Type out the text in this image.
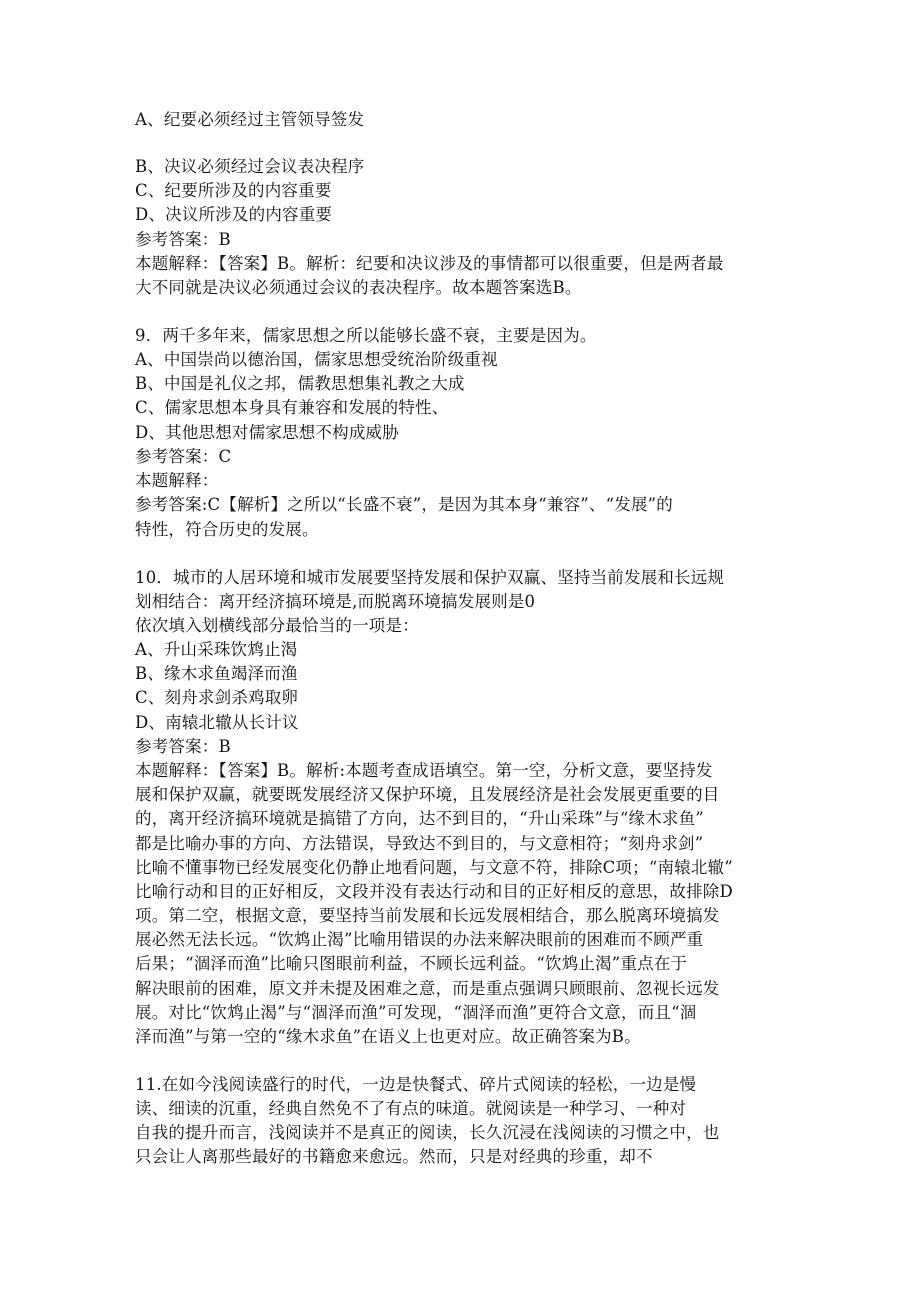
A、纪要必须经过主管领导签发
B、决议必须经过会议表决程序
C、纪要所涉及的内容重要
D、决议所涉及的内容重要
参考答案：B
本题解释：【答案】B。解析：纪要和决议涉及的事情都可以很重要，但是两者最
大不同就是决议必须通过会议的表决程序。故本题答案选B。
9．两千多年来，儒家思想之所以能够长盛不衰，主要是因为。
A、中国崇尚以德治国，儒家思想受统治阶级重视
B、中国是礼仪之邦，儒教思想集礼教之大成
C、儒家思想本身具有兼容和发展的特性、
D、其他思想对儒家思想不构成威胁
参考答案：C
本题解释：
参考答案:C【解析】之所以“长盛不衰”，是因为其本身“兼容”、“发展”的
特性，符合历史的发展。
10．城市的人居环境和城市发展要坚持发展和保护双赢、坚持当前发展和长远规
划相结合：离开经济搞环境是,而脱离环境搞发展则是0
依次填入划横线部分最恰当的一项是：
A、升山采珠饮鸩止渴
B、缘木求鱼竭泽而渔
C、刻舟求剑杀鸡取卵
D、南辕北辙从长计议
参考答案：B
本题解释：【答案】B。解析:本题考查成语填空。第一空，分析文意，要坚持发
展和保护双赢，就要既发展经济又保护环境，且发展经济是社会发展更重要的目
的，离开经济搞环境就是搞错了方向，达不到目的，“升山采珠”与“缘木求鱼”
都是比喻办事的方向、方法错误，导致达不到目的，与文意相符；“刻舟求剑”
比喻不懂事物已经发展变化仍静止地看问题，与文意不符，排除C项；“南辕北辙”
比喻行动和目的正好相反，文段并没有表达行动和目的正好相反的意思，故排除D
项。第二空，根据文意，要坚持当前发展和长远发展相结合，那么脱离环境搞发
展必然无法长远。“饮鸩止渴”比喻用错误的办法来解决眼前的困难而不顾严重
后果；“涸泽而渔”比喻只图眼前利益，不顾长远利益。“饮鸩止渴”重点在于
解决眼前的困难，原文并未提及困难之意，而是重点强调只顾眼前、忽视长远发
展。对比“饮鸩止渴”与“涸泽而渔”可发现，“涸泽而渔”更符合文意，而且“涸
泽而渔”与第一空的“缘木求鱼”在语义上也更对应。故正确答案为B。
11.在如今浅阅读盛行的时代，一边是快餐式、碎片式阅读的轻松，一边是慢
读、细读的沉重，经典自然免不了有点的味道。就阅读是一种学习、一种对
自我的提升而言，浅阅读并不是真正的阅读，长久沉浸在浅阅读的习惯之中，也
只会让人离那些最好的书籍愈来愈远。然而，只是对经典的珍重，却不
